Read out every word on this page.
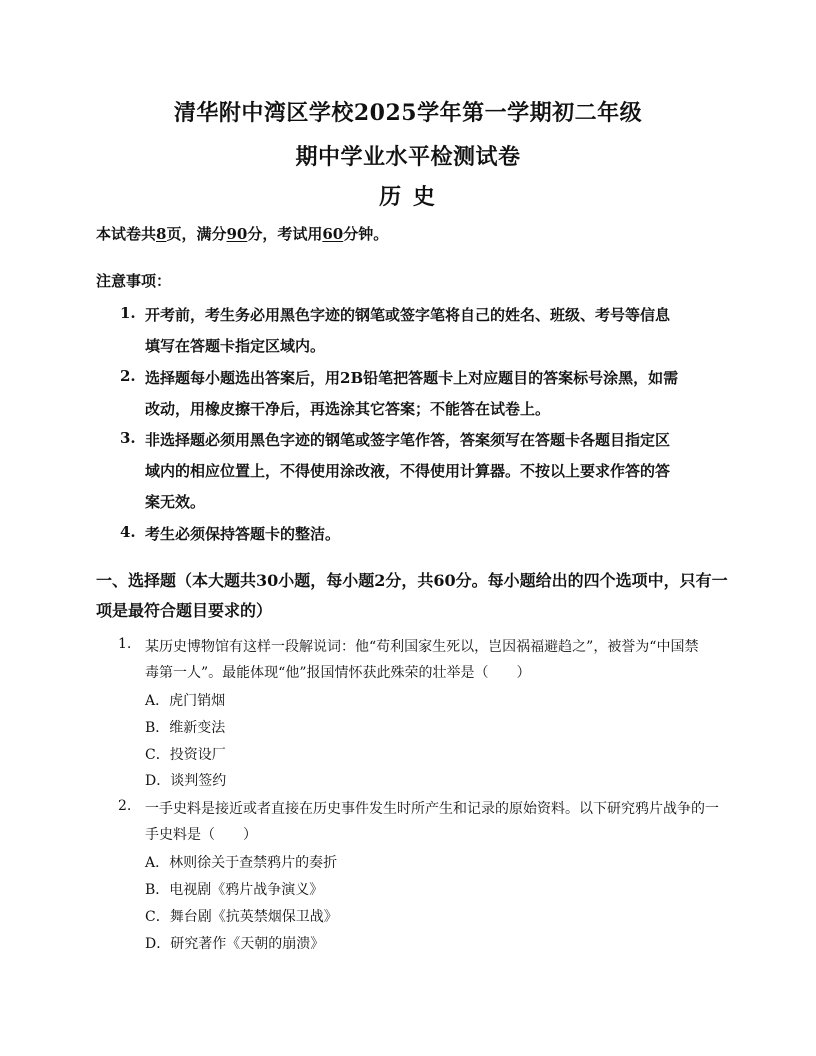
清华附中湾区学校2025学年第一学期初二年级
期中学业水平检测试卷
历 史
本试卷共8页，满分90分，考试用60分钟。
注意事项：
1. 开考前，考生务必用黑色字迹的钢笔或签字笔将自己的姓名、班级、考号等信息
填写在答题卡指定区域内。
2. 选择题每小题选出答案后，用2B铅笔把答题卡上对应题目的答案标号涂黑，如需
改动，用橡皮擦干净后，再选涂其它答案；不能答在试卷上。
3. 非选择题必须用黑色字迹的钢笔或签字笔作答，答案须写在答题卡各题目指定区
域内的相应位置上，不得使用涂改液，不得使用计算器。不按以上要求作答的答
案无效。
4. 考生必须保持答题卡的整洁。
一、选择题（本大题共30小题，每小题2分，共60分。每小题给出的四个选项中，只有一
项是最符合题目要求的）
1. 某历史博物馆有这样一段解说词：他“苟利国家生死以，岂因祸福避趋之”，被誉为“中国禁
毒第一人”。最能体现“他”报国情怀获此殊荣的壮举是（　　）
A．虎门销烟
B．维新变法
C．投资设厂
D．谈判签约
2. 一手史料是接近或者直接在历史事件发生时所产生和记录的原始资料。以下研究鸦片战争的一
手史料是（　　）
A．林则徐关于查禁鸦片的奏折
B．电视剧《鸦片战争演义》
C．舞台剧《抗英禁烟保卫战》
D．研究著作《天朝的崩溃》
